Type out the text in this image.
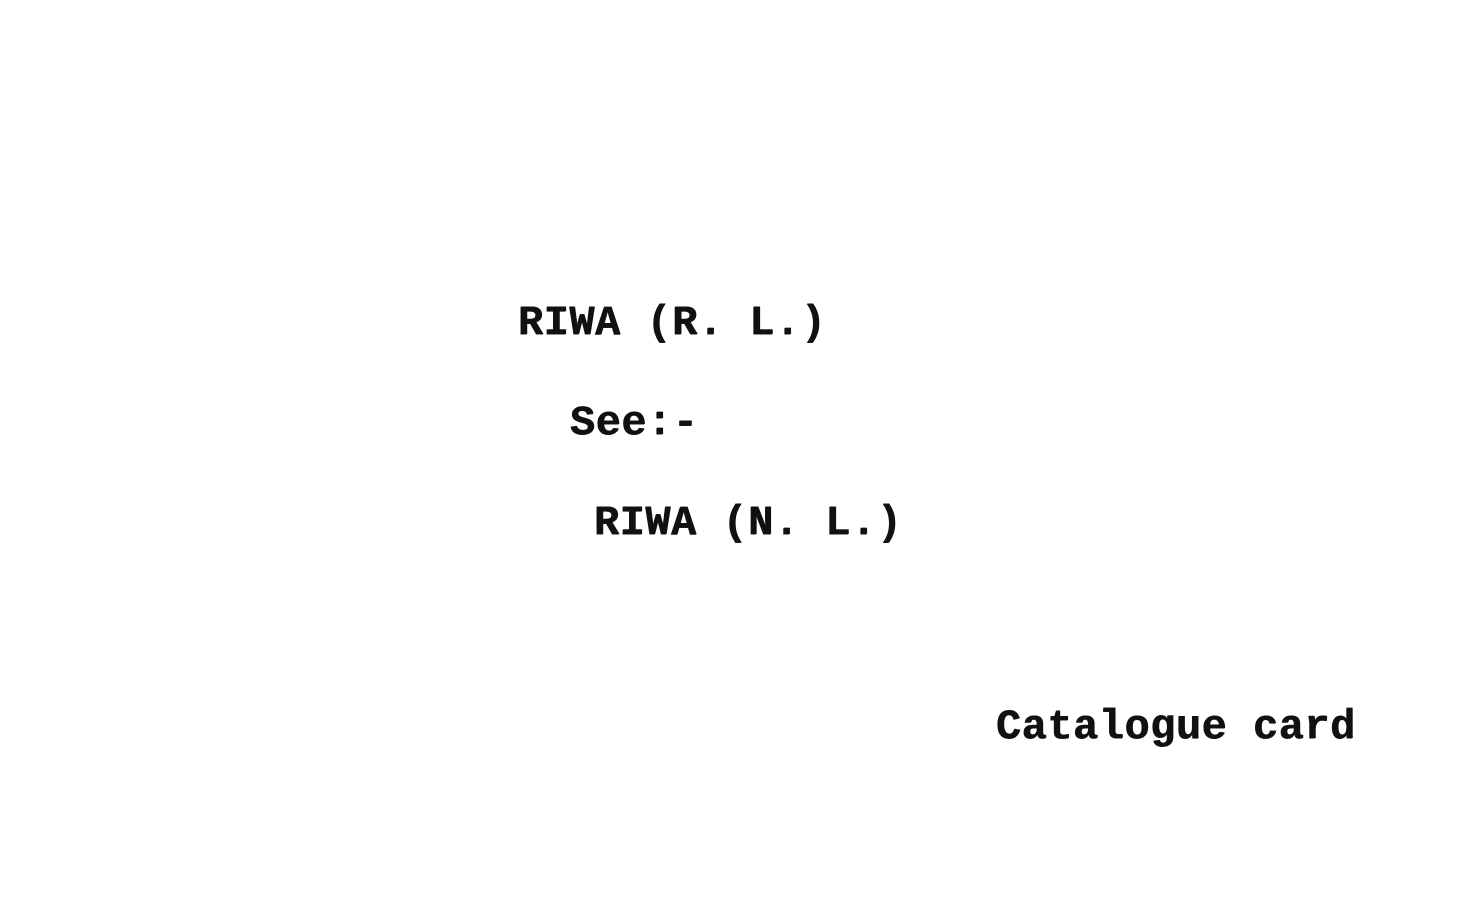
RIWA (R. L.)
See:-
RIWA (N. L.)
Catalogue card
